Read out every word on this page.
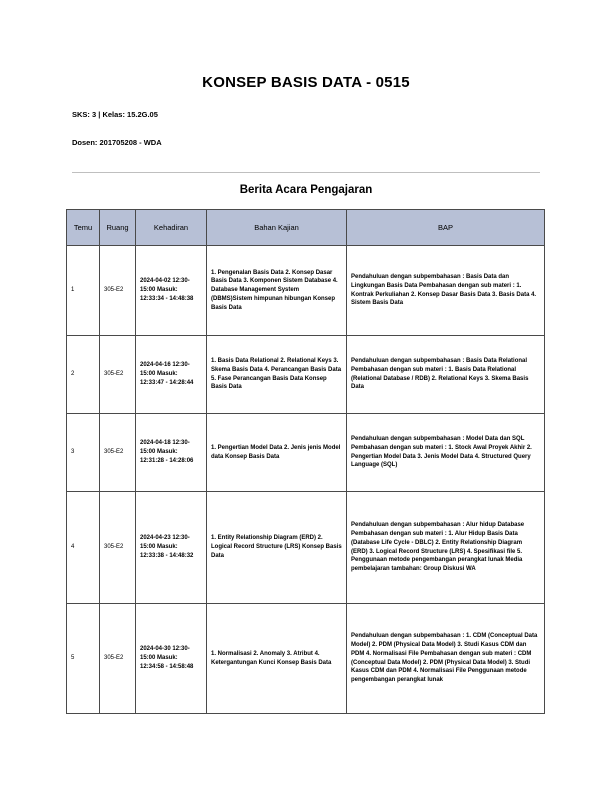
KONSEP BASIS DATA - 0515
SKS: 3 | Kelas: 15.2G.05
Dosen: 201705208 - WDA
Berita Acara Pengajaran
Temu	Ruang	Kehadiran	Bahan Kajian	BAP
1	305-E2	2024-04-02 12:30-15:00 Masuk: 12:33:34 - 14:48:38	1. Pengenalan Basis Data 2. Konsep Dasar Basis Data 3. Komponen Sistem Database 4. Database Management System (DBMS)Sistem himpunan hibungan Konsep Basis Data	Pendahuluan dengan subpembahasan : Basis Data dan Lingkungan Basis Data Pembahasan dengan sub materi : 1. Kontrak Perkuliahan 2. Konsep Dasar Basis Data 3. Basis Data 4. Sistem Basis Data
2	305-E2	2024-04-16 12:30-15:00 Masuk: 12:33:47 - 14:28:44	1. Basis Data Relational 2. Relational Keys 3. Skema Basis Data 4. Perancangan Basis Data 5. Fase Perancangan Basis Data Konsep Basis Data	Pendahuluan dengan subpembahasan : Basis Data Relational Pembahasan dengan sub materi : 1. Basis Data Relational (Relational Database / RDB) 2. Relational Keys 3. Skema Basis Data
3	305-E2	2024-04-18 12:30-15:00 Masuk: 12:31:28 - 14:28:06	1. Pengertian Model Data 2. Jenis jenis Model data Konsep Basis Data	Pendahuluan dengan subpembahasan : Model Data dan SQL Pembahasan dengan sub materi : 1. Stock Awal Proyek Akhir 2. Pengertian Model Data 3. Jenis Model Data 4. Structured Query Language (SQL)
4	305-E2	2024-04-23 12:30-15:00 Masuk: 12:33:38 - 14:48:32	1. Entity Relationship Diagram (ERD) 2. Logical Record Structure (LRS) Konsep Basis Data	Pendahuluan dengan subpembahasan : Alur hidup Database Pembahasan dengan sub materi : 1. Alur Hidup Basis Data (Database Life Cycle - DBLC) 2. Entity Relationship Diagram (ERD) 3. Logical Record Structure (LRS) 4. Spesifikasi file 5. Penggunaan metode pengembangan perangkat lunak Media pembelajaran tambahan: Group Diskusi WA
5	305-E2	2024-04-30 12:30-15:00 Masuk: 12:34:58 - 14:58:48	1. Normalisasi 2. Anomaly 3. Atribut 4. Ketergantungan Kunci Konsep Basis Data	Pendahuluan dengan subpembahasan : 1. CDM (Conceptual Data Model) 2. PDM (Physical Data Model) 3. Studi Kasus CDM dan PDM 4. Normalisasi File Pembahasan dengan sub materi : CDM (Conceptual Data Model) 2. PDM (Physical Data Model) 3. Studi Kasus CDM dan PDM 4. Normalisasi File Penggunaan metode pengembangan perangkat lunak
